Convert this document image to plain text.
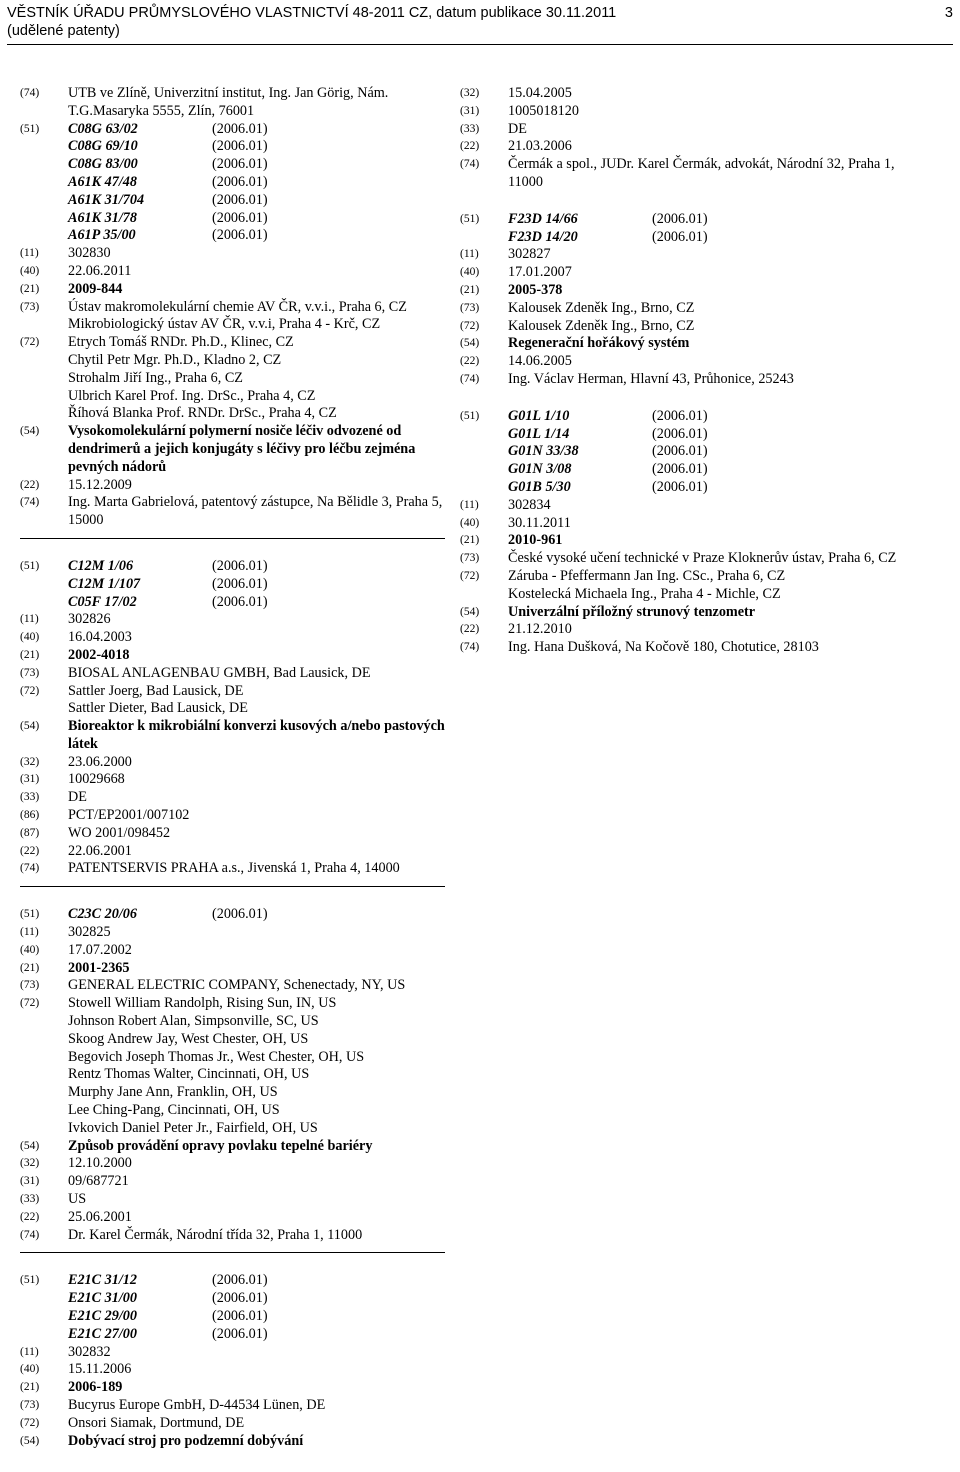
VĚSTNÍK ÚŘADU PRŮMYSLOVÉHO VLASTNICTVÍ 48-2011 CZ, datum publikace 30.11.2011
(udělené patenty)
3
(74)	UTB ve Zlíně, Univerzitní institut, Ing. Jan Görig, Nám. T.G.Masaryka 5555, Zlín, 76001
(51)	C08G 63/02	(2006.01)
C08G 69/10	(2006.01)
C08G 83/00	(2006.01)
A61K 47/48	(2006.01)
A61K 31/704	(2006.01)
A61K 31/78	(2006.01)
A61P 35/00	(2006.01)
(11)	302830
(40)	22.06.2011
(21)	2009-844
(73)	Ústav makromolekulární chemie AV ČR, v.v.i., Praha 6, CZ
Mikrobiologický ústav AV ČR, v.v.i, Praha 4 - Krč, CZ
(72)	Etrych Tomáš RNDr. Ph.D., Klinec, CZ
Chytil Petr Mgr. Ph.D., Kladno 2, CZ
Strohalm Jiří Ing., Praha 6, CZ
Ulbrich Karel Prof. Ing. DrSc., Praha 4, CZ
Říhová Blanka Prof. RNDr. DrSc., Praha 4, CZ
(54)	Vysokomolekulární polymerní nosiče léčiv odvozené od dendrimerů a jejich konjugáty s léčivy pro léčbu zejména pevných nádorů
(22)	15.12.2009
(74)	Ing. Marta Gabrielová, patentový zástupce, Na Bělidle 3, Praha 5, 15000
(51)	C12M 1/06	(2006.01)
C12M 1/107	(2006.01)
C05F 17/02	(2006.01)
(11)	302826
(40)	16.04.2003
(21)	2002-4018
(73)	BIOSAL ANLAGENBAU GMBH, Bad Lausick, DE
(72)	Sattler Joerg, Bad Lausick, DE
Sattler Dieter, Bad Lausick, DE
(54)	Bioreaktor k mikrobiální konverzi kusových a/nebo pastových látek
(32)	23.06.2000
(31)	10029668
(33)	DE
(86)	PCT/EP2001/007102
(87)	WO 2001/098452
(22)	22.06.2001
(74)	PATENTSERVIS PRAHA a.s., Jivenská 1, Praha 4, 14000
(51)	C23C 20/06	(2006.01)
(11)	302825
(40)	17.07.2002
(21)	2001-2365
(73)	GENERAL ELECTRIC COMPANY, Schenectady, NY, US
(72)	Stowell William Randolph, Rising Sun, IN, US
Johnson Robert Alan, Simpsonville, SC, US
Skoog Andrew Jay, West Chester, OH, US
Begovich Joseph Thomas Jr., West Chester, OH, US
Rentz Thomas Walter, Cincinnati, OH, US
Murphy Jane Ann, Franklin, OH, US
Lee Ching-Pang, Cincinnati, OH, US
Ivkovich Daniel Peter Jr., Fairfield, OH, US
(54)	Způsob provádění opravy povlaku tepelné bariéry
(32)	12.10.2000
(31)	09/687721
(33)	US
(22)	25.06.2001
(74)	Dr. Karel Čermák, Národní třída 32, Praha 1, 11000
(51)	E21C 31/12	(2006.01)
E21C 31/00	(2006.01)
E21C 29/00	(2006.01)
E21C 27/00	(2006.01)
(11)	302832
(40)	15.11.2006
(21)	2006-189
(73)	Bucyrus Europe GmbH, D-44534 Lünen, DE
(72)	Onsori Siamak, Dortmund, DE
(54)	Dobývací stroj pro podzemní dobývání
(32)	15.04.2005
(31)	1005018120
(33)	DE
(22)	21.03.2006
(74)	Čermák a spol., JUDr. Karel Čermák, advokát, Národní 32, Praha 1, 11000
(51)	F23D 14/66	(2006.01)
F23D 14/20	(2006.01)
(11)	302827
(40)	17.01.2007
(21)	2005-378
(73)	Kalousek Zdeněk Ing., Brno, CZ
(72)	Kalousek Zdeněk Ing., Brno, CZ
(54)	Regenerační hořákový systém
(22)	14.06.2005
(74)	Ing. Václav Herman, Hlavní 43, Průhonice, 25243
(51)	G01L 1/10	(2006.01)
G01L 1/14	(2006.01)
G01N 33/38	(2006.01)
G01N 3/08	(2006.01)
G01B 5/30	(2006.01)
(11)	302834
(40)	30.11.2011
(21)	2010-961
(73)	České vysoké učení technické v Praze Kloknerův ústav, Praha 6, CZ
(72)	Záruba - Pfeffermann Jan Ing. CSc., Praha 6, CZ
Kostelecká Michaela Ing., Praha 4 - Michle, CZ
(54)	Univerzální příložný strunový tenzometr
(22)	21.12.2010
(74)	Ing. Hana Dušková, Na Kočově 180, Chotutice, 28103
